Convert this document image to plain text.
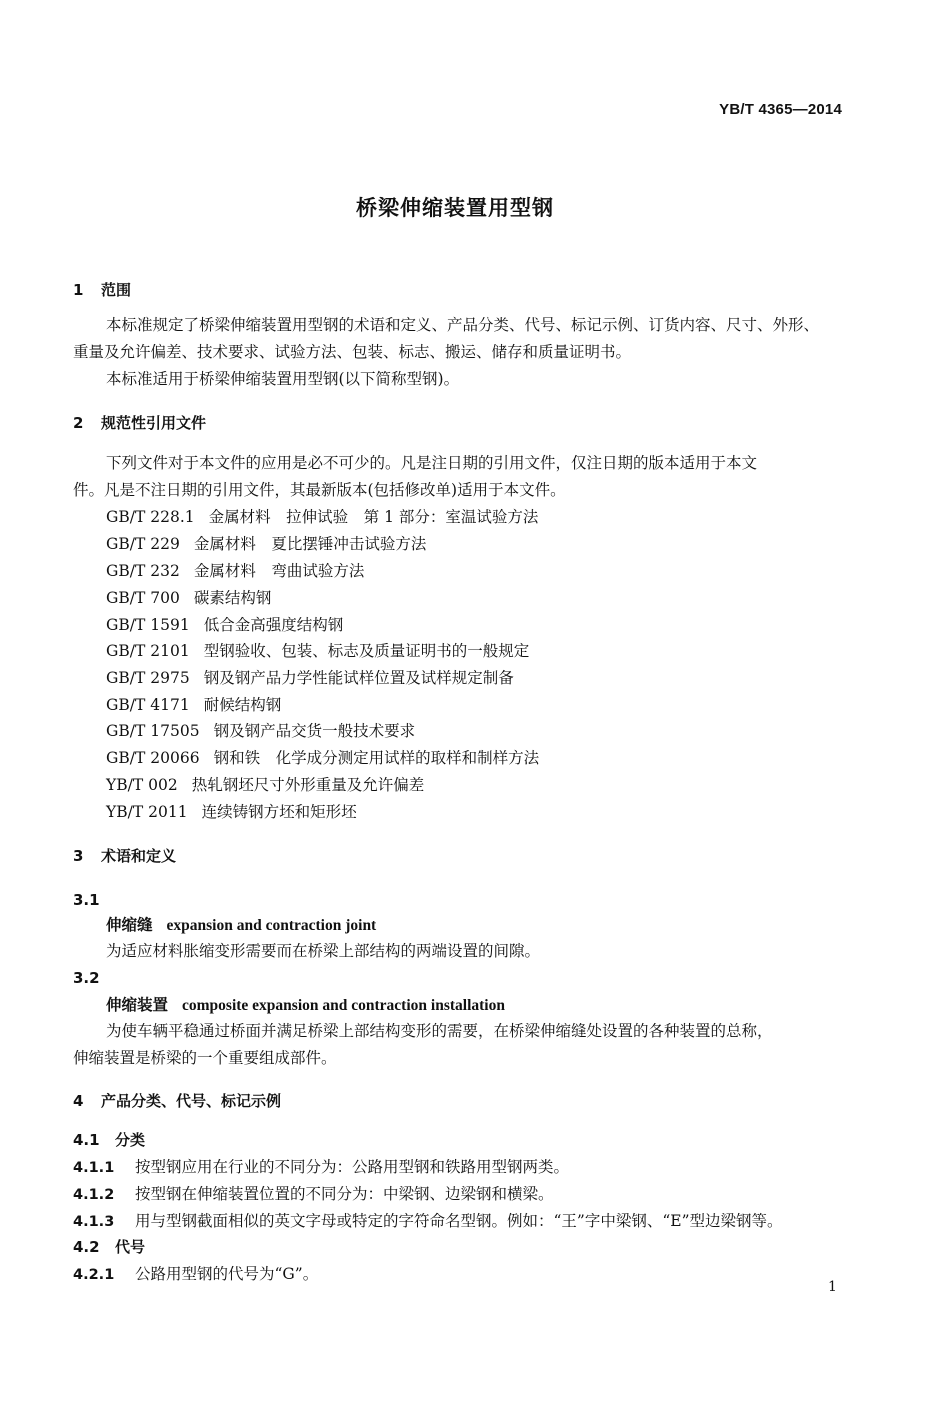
YB/T 4365—2014
桥梁伸缩装置用型钢
1 范围
本标准规定了桥梁伸缩装置用型钢的术语和定义、产品分类、代号、标记示例、订货内容、尺寸、外形、
重量及允许偏差、技术要求、试验方法、包装、标志、搬运、储存和质量证明书。
本标准适用于桥梁伸缩装置用型钢(以下简称型钢)。
2 规范性引用文件
下列文件对于本文件的应用是必不可少的。凡是注日期的引用文件，仅注日期的版本适用于本文
件。凡是不注日期的引用文件，其最新版本(包括修改单)适用于本文件。
GB/T 228.1 金属材料　拉伸试验　第 1 部分：室温试验方法
GB/T 229 金属材料　夏比摆锤冲击试验方法
GB/T 232 金属材料　弯曲试验方法
GB/T 700 碳素结构钢
GB/T 1591 低合金高强度结构钢
GB/T 2101 型钢验收、包装、标志及质量证明书的一般规定
GB/T 2975 钢及钢产品力学性能试样位置及试样规定制备
GB/T 4171 耐候结构钢
GB/T 17505 钢及钢产品交货一般技术要求
GB/T 20066 钢和铁　化学成分测定用试样的取样和制样方法
YB/T 002 热轧钢坯尺寸外形重量及允许偏差
YB/T 2011 连续铸钢方坯和矩形坯
3 术语和定义
3.1
伸缩缝 expansion and contraction joint
为适应材料胀缩变形需要而在桥梁上部结构的两端设置的间隙。
3.2
伸缩装置 composite expansion and contraction installation
为使车辆平稳通过桥面并满足桥梁上部结构变形的需要，在桥梁伸缩缝处设置的各种装置的总称，
伸缩装置是桥梁的一个重要组成部件。
4 产品分类、代号、标记示例
4.1 分类
4.1.1 按型钢应用在行业的不同分为：公路用型钢和铁路用型钢两类。
4.1.2 按型钢在伸缩装置位置的不同分为：中梁钢、边梁钢和横梁。
4.1.3 用与型钢截面相似的英文字母或特定的字符命名型钢。例如：“王”字中梁钢、“E”型边梁钢等。
4.2 代号
4.2.1 公路用型钢的代号为“G”。
1
